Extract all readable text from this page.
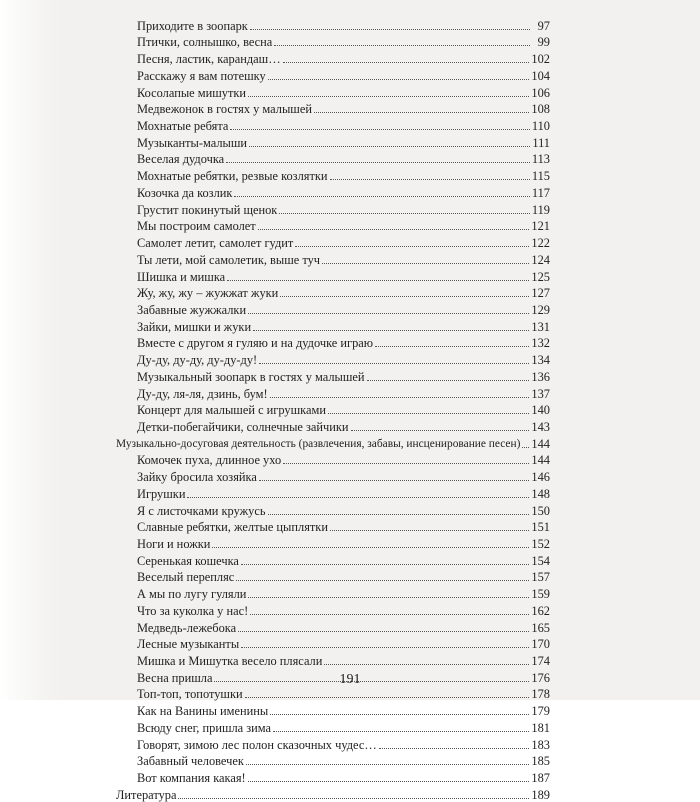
Приходите в зоопарк	97
Птички, солнышко, весна	99
Песня, ластик, карандаш…	102
Расскажу я вам потешку	104
Косолапые мишутки	106
Медвежонок в гостях у малышей	108
Мохнатые ребята	110
Музыканты-малыши	111
Веселая дудочка	113
Мохнатые ребятки, резвые козлятки	115
Козочка да козлик	117
Грустит покинутый щенок	119
Мы построим самолет	121
Самолет летит, самолет гудит	122
Ты лети, мой самолетик, выше туч	124
Шишка и мишка	125
Жу, жу, жу – жужжат жуки	127
Забавные жужжалки	129
Зайки, мишки и жуки	131
Вместе с другом я гуляю и на дудочке играю	132
Ду-ду, ду-ду, ду-ду-ду!	134
Музыкальный зоопарк в гостях у малышей	136
Ду-ду, ля-ля, дзинь, бум!	137
Концерт для малышей с игрушками	140
Детки-побегайчики, солнечные зайчики	143
Музыкально-досуговая деятельность (развлечения, забавы, инсценирование песен) 144
Комочек пуха, длинное ухо	144
Зайку бросила хозяйка	146
Игрушки	148
Я с листочками кружусь	150
Славные ребятки, желтые цыплятки	151
Ноги и ножки	152
Серенькая кошечка	154
Веселый перепляс	157
А мы по лугу гуляли	159
Что за куколка у нас!	162
Медведь-лежебока	165
Лесные музыканты	170
Мишка и Мишутка весело плясали	174
Весна пришла	176
Топ-топ, топотушки	178
Как на Ванины именины	179
Всюду снег, пришла зима	181
Говорят, зимою лес полон сказочных чудес…	183
Забавный человечек	185
Вот компания какая!	187
Литература	189
191
